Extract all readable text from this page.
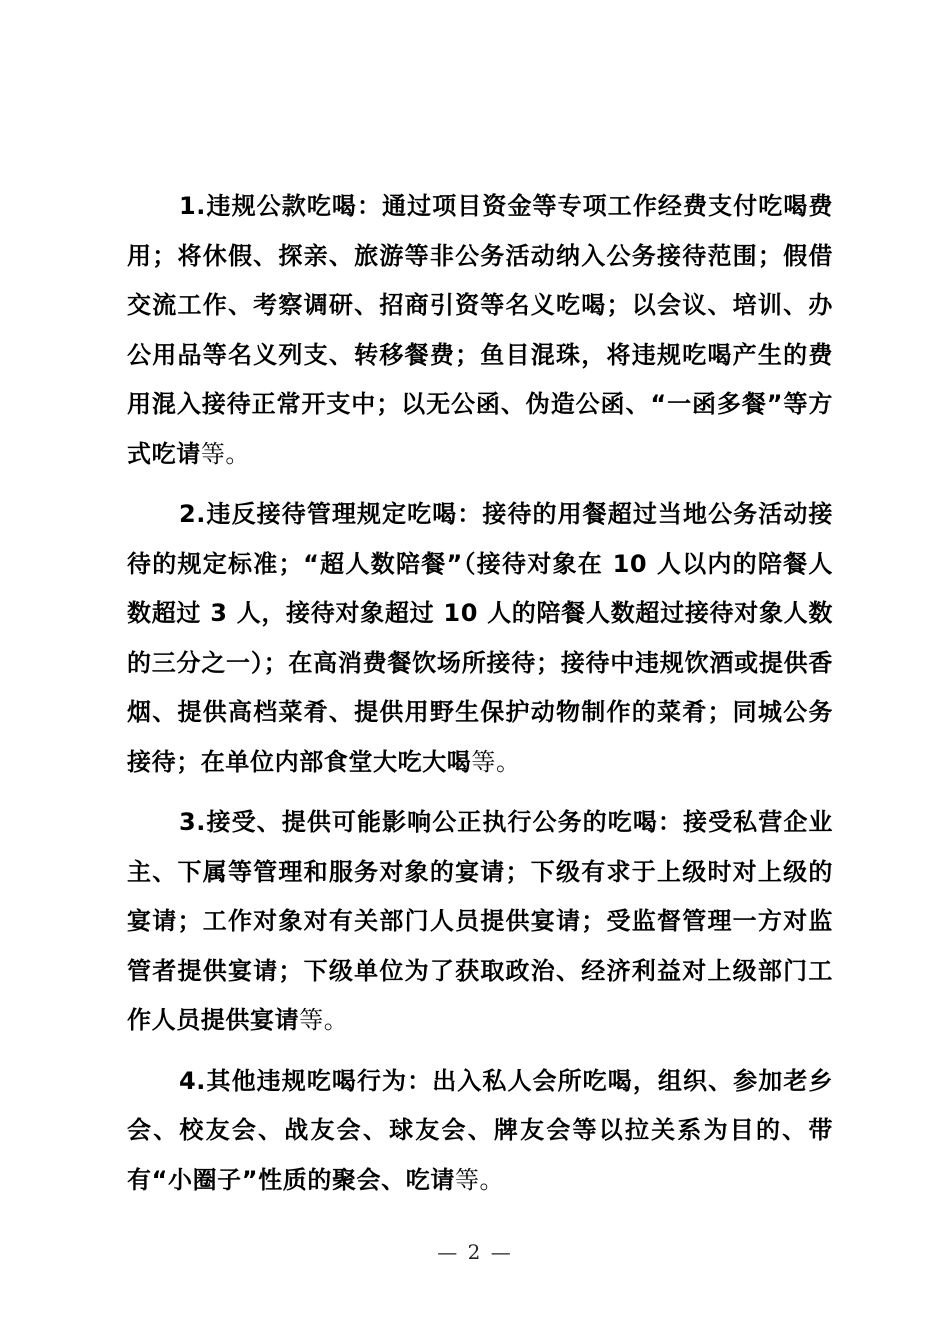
1.违规公款吃喝：通过项目资金等专项工作经费支付吃喝费用；将休假、探亲、旅游等非公务活动纳入公务接待范围；假借交流工作、考察调研、招商引资等名义吃喝；以会议、培训、办公用品等名义列支、转移餐费；鱼目混珠，将违规吃喝产生的费用混入接待正常开支中；以无公函、伪造公函、“一函多餐”等方式吃请等。

2.违反接待管理规定吃喝：接待的用餐超过当地公务活动接待的规定标准；“超人数陪餐”（接待对象在 10 人以内的陪餐人数超过 3 人，接待对象超过 10 人的陪餐人数超过接待对象人数的三分之一）；在高消费餐饮场所接待；接待中违规饮酒或提供香烟、提供高档菜肴、提供用野生保护动物制作的菜肴；同城公务接待；在单位内部食堂大吃大喝等。

3.接受、提供可能影响公正执行公务的吃喝：接受私营企业主、下属等管理和服务对象的宴请；下级有求于上级时对上级的宴请；工作对象对有关部门人员提供宴请；受监督管理一方对监管者提供宴请；下级单位为了获取政治、经济利益对上级部门工作人员提供宴请等。

4.其他违规吃喝行为：出入私人会所吃喝，组织、参加老乡会、校友会、战友会、球友会、牌友会等以拉关系为目的、带有“小圈子”性质的聚会、吃请等。

— 2 —
